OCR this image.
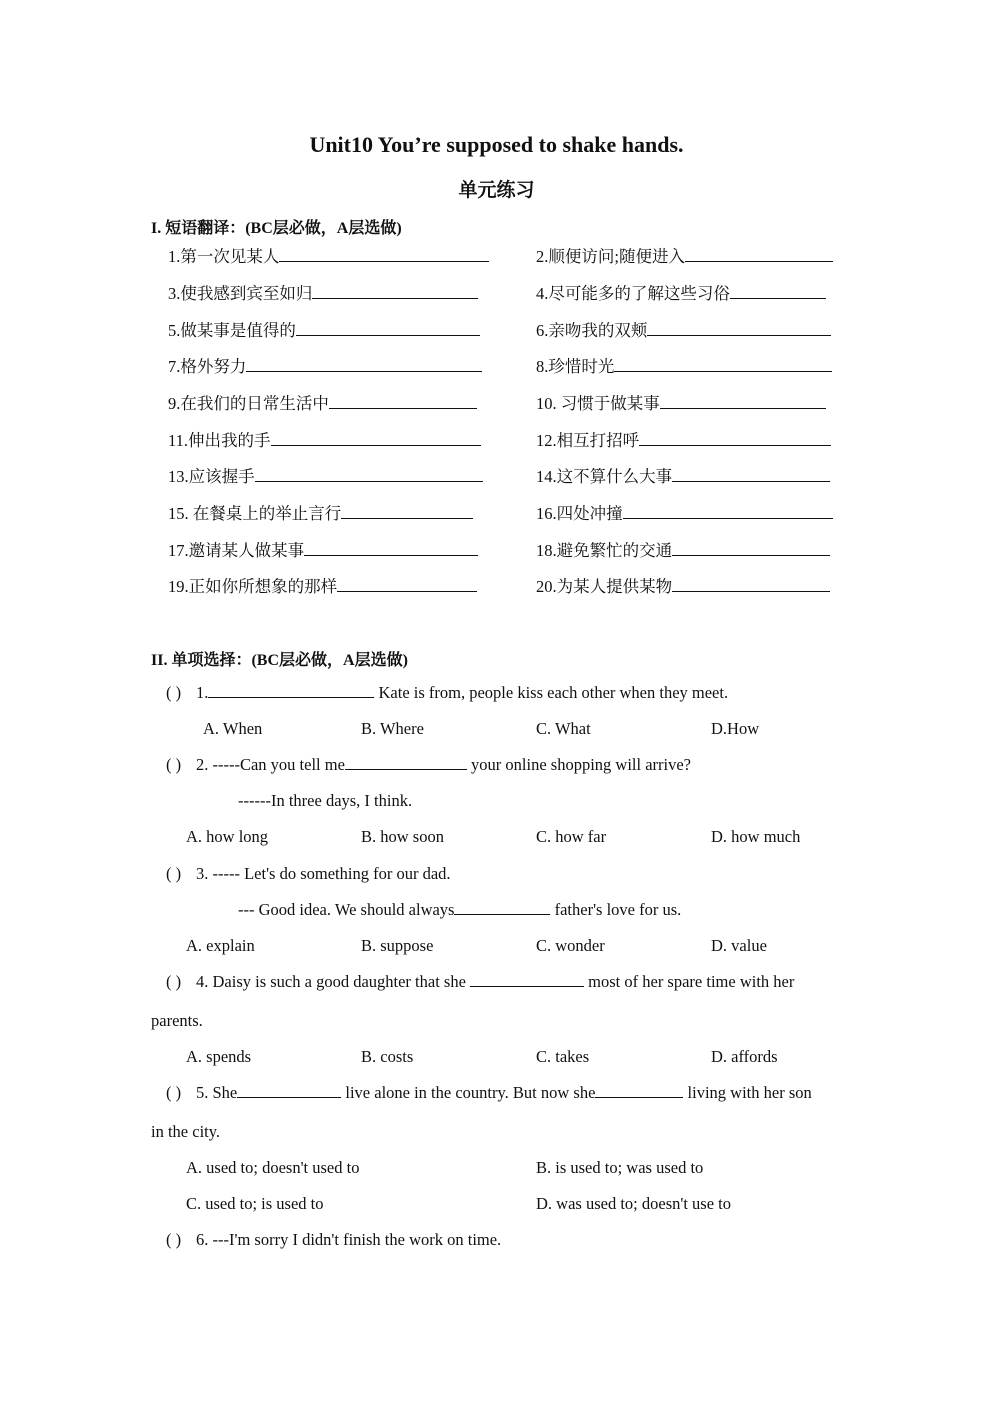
Unit10 You’re supposed to shake hands.
单元练习
I. 短语翻译：(BC层必做，A层选做)
1.第一次见某人	2.顺便访问;随便进入
3.使我感到宾至如归	4.尽可能多的了解这些习俗
5.做某事是值得的	6.亲吻我的双颊
7.格外努力	8.珍惜时光
9.在我们的日常生活中	10. 习惯于做某事
11.伸出我的手	12.相互打招呼
13.应该握手	14.这不算什么大事
15. 在餐桌上的举止言行	16.四处冲撞
17.邀请某人做某事	18.避免繁忙的交通
19.正如你所想象的那样	20.为某人提供某物
II. 单项选择：(BC层必做，A层选做)
( ) 1.	Kate is from, people kiss each other when they meet.
A. When	B. Where	C. What	D.How
( ) 2. -----Can you tell me	your online shopping will arrive?
------In three days, I think.
A. how long	B. how soon	C. how far	D. how much
( ) 3. ----- Let's do something for our dad.
--- Good idea. We should always	father's love for us.
A. explain	B. suppose	C. wonder	D. value
( ) 4. Daisy is such a good daughter that she	most of her spare time with her
parents.
A. spends	B. costs	C. takes	D. affords
( ) 5. She	live alone in the country. But now she	living with her son
in the city.
A. used to; doesn't used to	B. is used to; was used to
C. used to; is used to	D. was used to; doesn't use to
( ) 6. ---I'm sorry I didn't finish the work on time.
